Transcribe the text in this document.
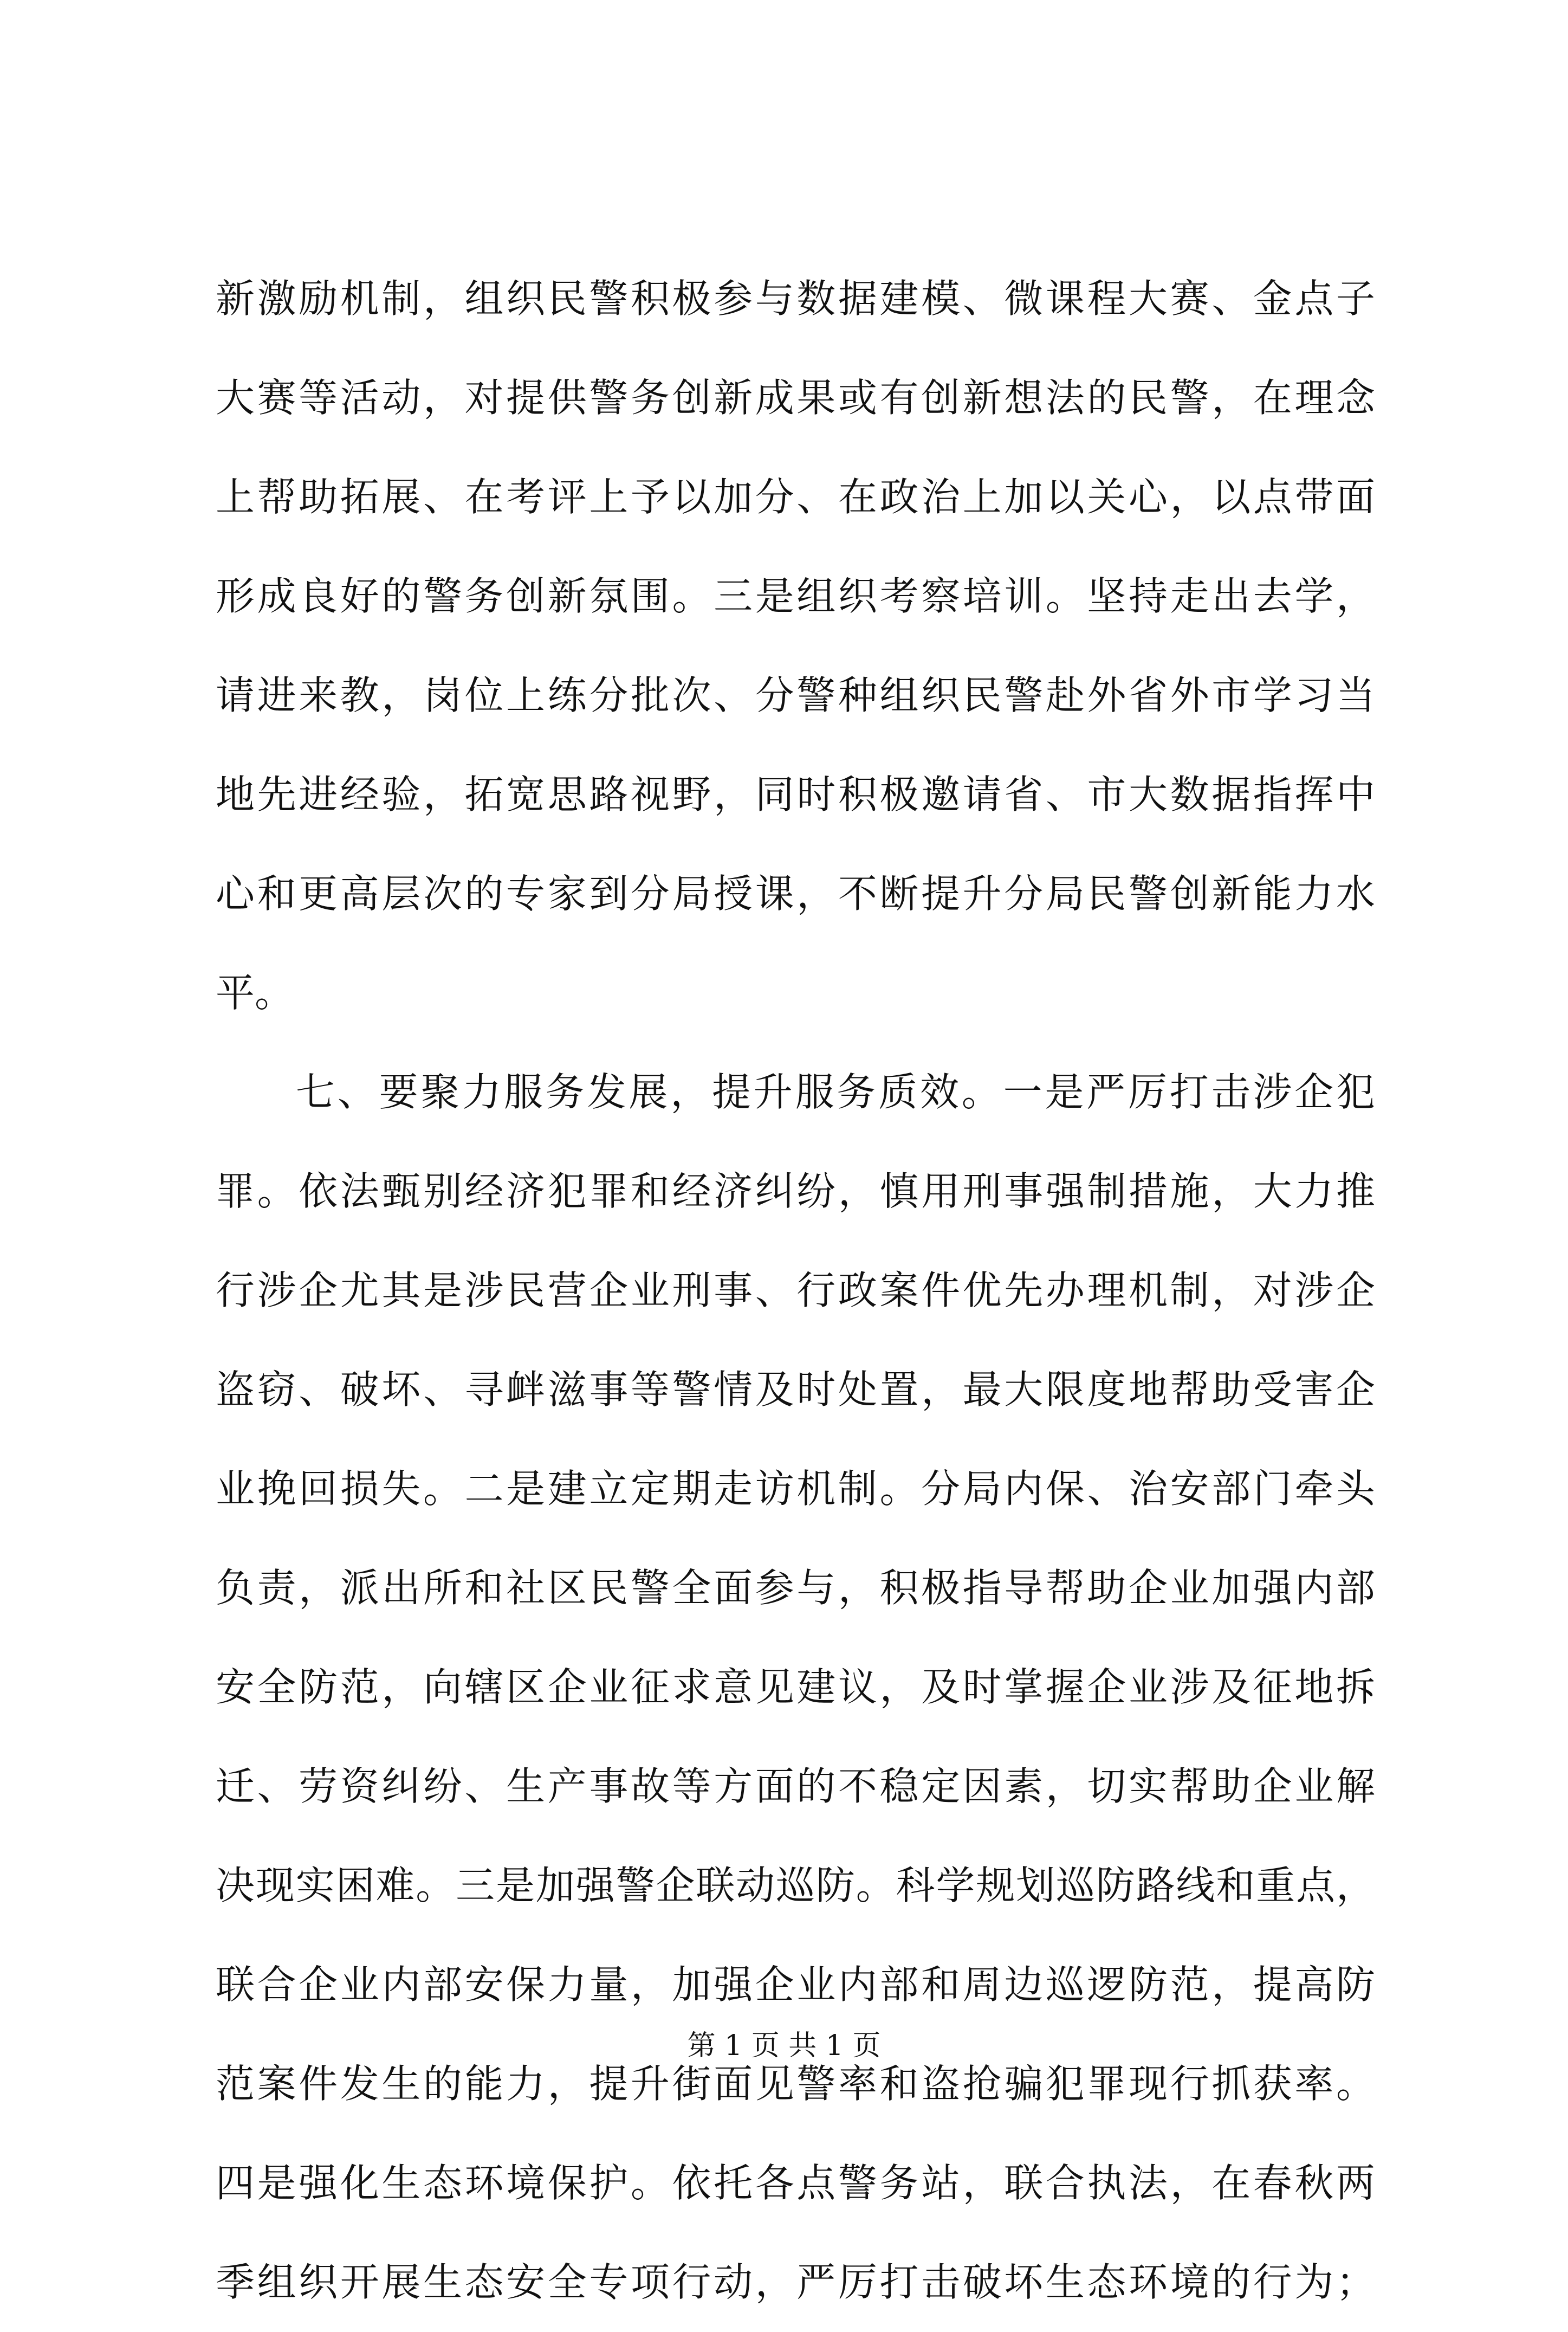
新激励机制，组织民警积极参与数据建模、微课程大赛、金点子
大赛等活动，对提供警务创新成果或有创新想法的民警，在理念
上帮助拓展、在考评上予以加分、在政治上加以关心，以点带面
形成良好的警务创新氛围。三是组织考察培训。坚持走出去学，
请进来教，岗位上练分批次、分警种组织民警赴外省外市学习当
地先进经验，拓宽思路视野，同时积极邀请省、市大数据指挥中
心和更高层次的专家到分局授课，不断提升分局民警创新能力水
平。
七、要聚力服务发展，提升服务质效。一是严厉打击涉企犯
罪。依法甄别经济犯罪和经济纠纷，慎用刑事强制措施，大力推
行涉企尤其是涉民营企业刑事、行政案件优先办理机制，对涉企
盗窃、破坏、寻衅滋事等警情及时处置，最大限度地帮助受害企
业挽回损失。二是建立定期走访机制。分局内保、治安部门牵头
负责，派出所和社区民警全面参与，积极指导帮助企业加强内部
安全防范，向辖区企业征求意见建议，及时掌握企业涉及征地拆
迁、劳资纠纷、生产事故等方面的不稳定因素，切实帮助企业解
决现实困难。三是加强警企联动巡防。科学规划巡防路线和重点，
联合企业内部安保力量，加强企业内部和周边巡逻防范，提高防
范案件发生的能力，提升街面见警率和盗抢骗犯罪现行抓获率。
四是强化生态环境保护。依托各点警务站，联合执法，在春秋两
季组织开展生态安全专项行动，严厉打击破坏生态环境的行为；
第 1 页 共 1 页
